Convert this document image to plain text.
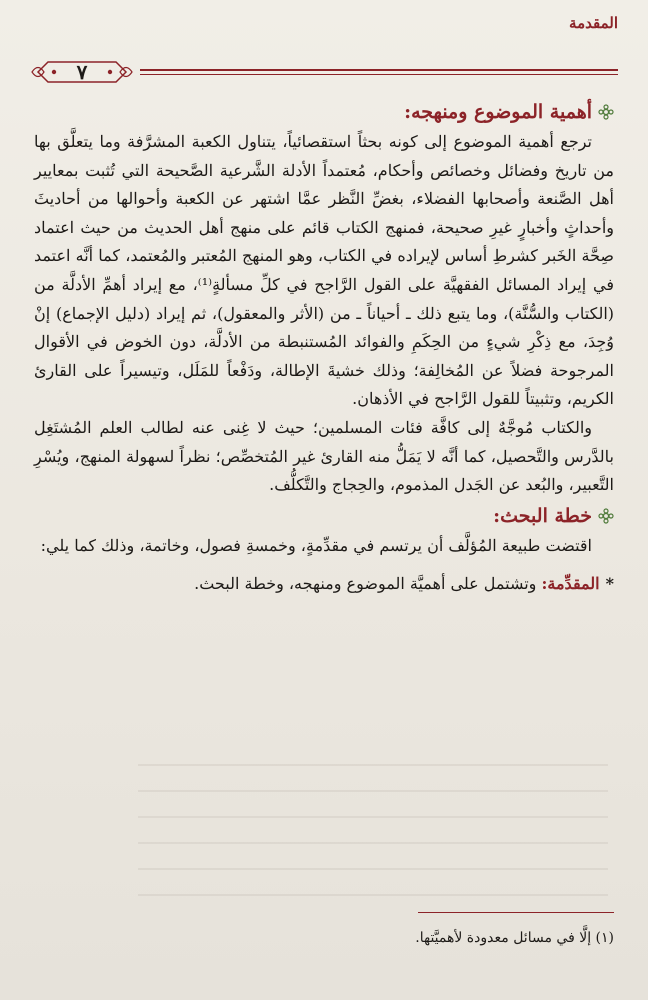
المقدمة
٧
أهمية الموضوع ومنهجه:

ترجع أهمية الموضوع إلى كونه بحثاً استقصائياً، يتناول الكعبة المشرَّفة وما يتعلَّق بها من تاريخ وفضائل وخصائص وأحكام، مُعتمداً الأدلة الشَّرعية الصَّحيحة التي تُثبت بمعايير أهل الصَّنعة وأصحابها الفضلاء، بغضِّ النَّظر عمَّا اشتهر عن الكعبة وأحوالها من أحاديثَ وأحداثٍ وأخبارٍ غيرِ صحيحة، فمنهج الكتاب قائم على منهج أهل الحديث من حيث اعتماد صِحَّة الخَبر كشرطِ أساس لإيراده في الكتاب، وهو المنهج المُعتبر والمُعتمد، كما أنَّه اعتمد في إيراد المسائل الفقهيَّة على القول الرَّاجح في كلِّ مسألةٍ⁽¹⁾، مع إيراد أهمِّ الأدلَّة من (الكتاب والسُّنَّة)، وما يتبع ذلك ـ أحياناً ـ من (الأثر والمعقول)، ثم إيراد (دليل الإجماع) إنْ وُجِدَ، مع ذِكْرِ شيءٍ من الحِكَمِ والفوائد المُستنبطة من الأدلَّة، دون الخوض في الأقوال المرجوحة فضلاً عن المُخالِفة؛ وذلك خشيةَ الإطالة، ودَفْعاً للمَلَل، وتيسيراً على القارئ الكريم، وتثبيتاً للقول الرَّاجح في الأذهان.

والكتاب مُوجَّهٌ إلى كافَّة فئات المسلمين؛ حيث لا غِنى عنه لطالب العلم المُشتَغِل بالدَّرس والتَّحصيل، كما أنَّه لا يَمَلُّ منه القارئ غير المُتخصِّص؛ نظراً لسهولة المنهج، ويُسْرِ التَّعبير، والبُعد عن الجَدل المذموم، والحِجاج والتَّكلُّف.

خطة البحث:

اقتضت طبيعة المُؤلَّف أن يرتسم في مقدِّمةٍ، وخمسةِ فصول، وخاتمة، وذلك كما يلي:

*المقدِّمة: وتشتمل على أهميَّة الموضوع ومنهجه، وخطة البحث.

(١) إلَّا في مسائل معدودة لأهميَّتها.
